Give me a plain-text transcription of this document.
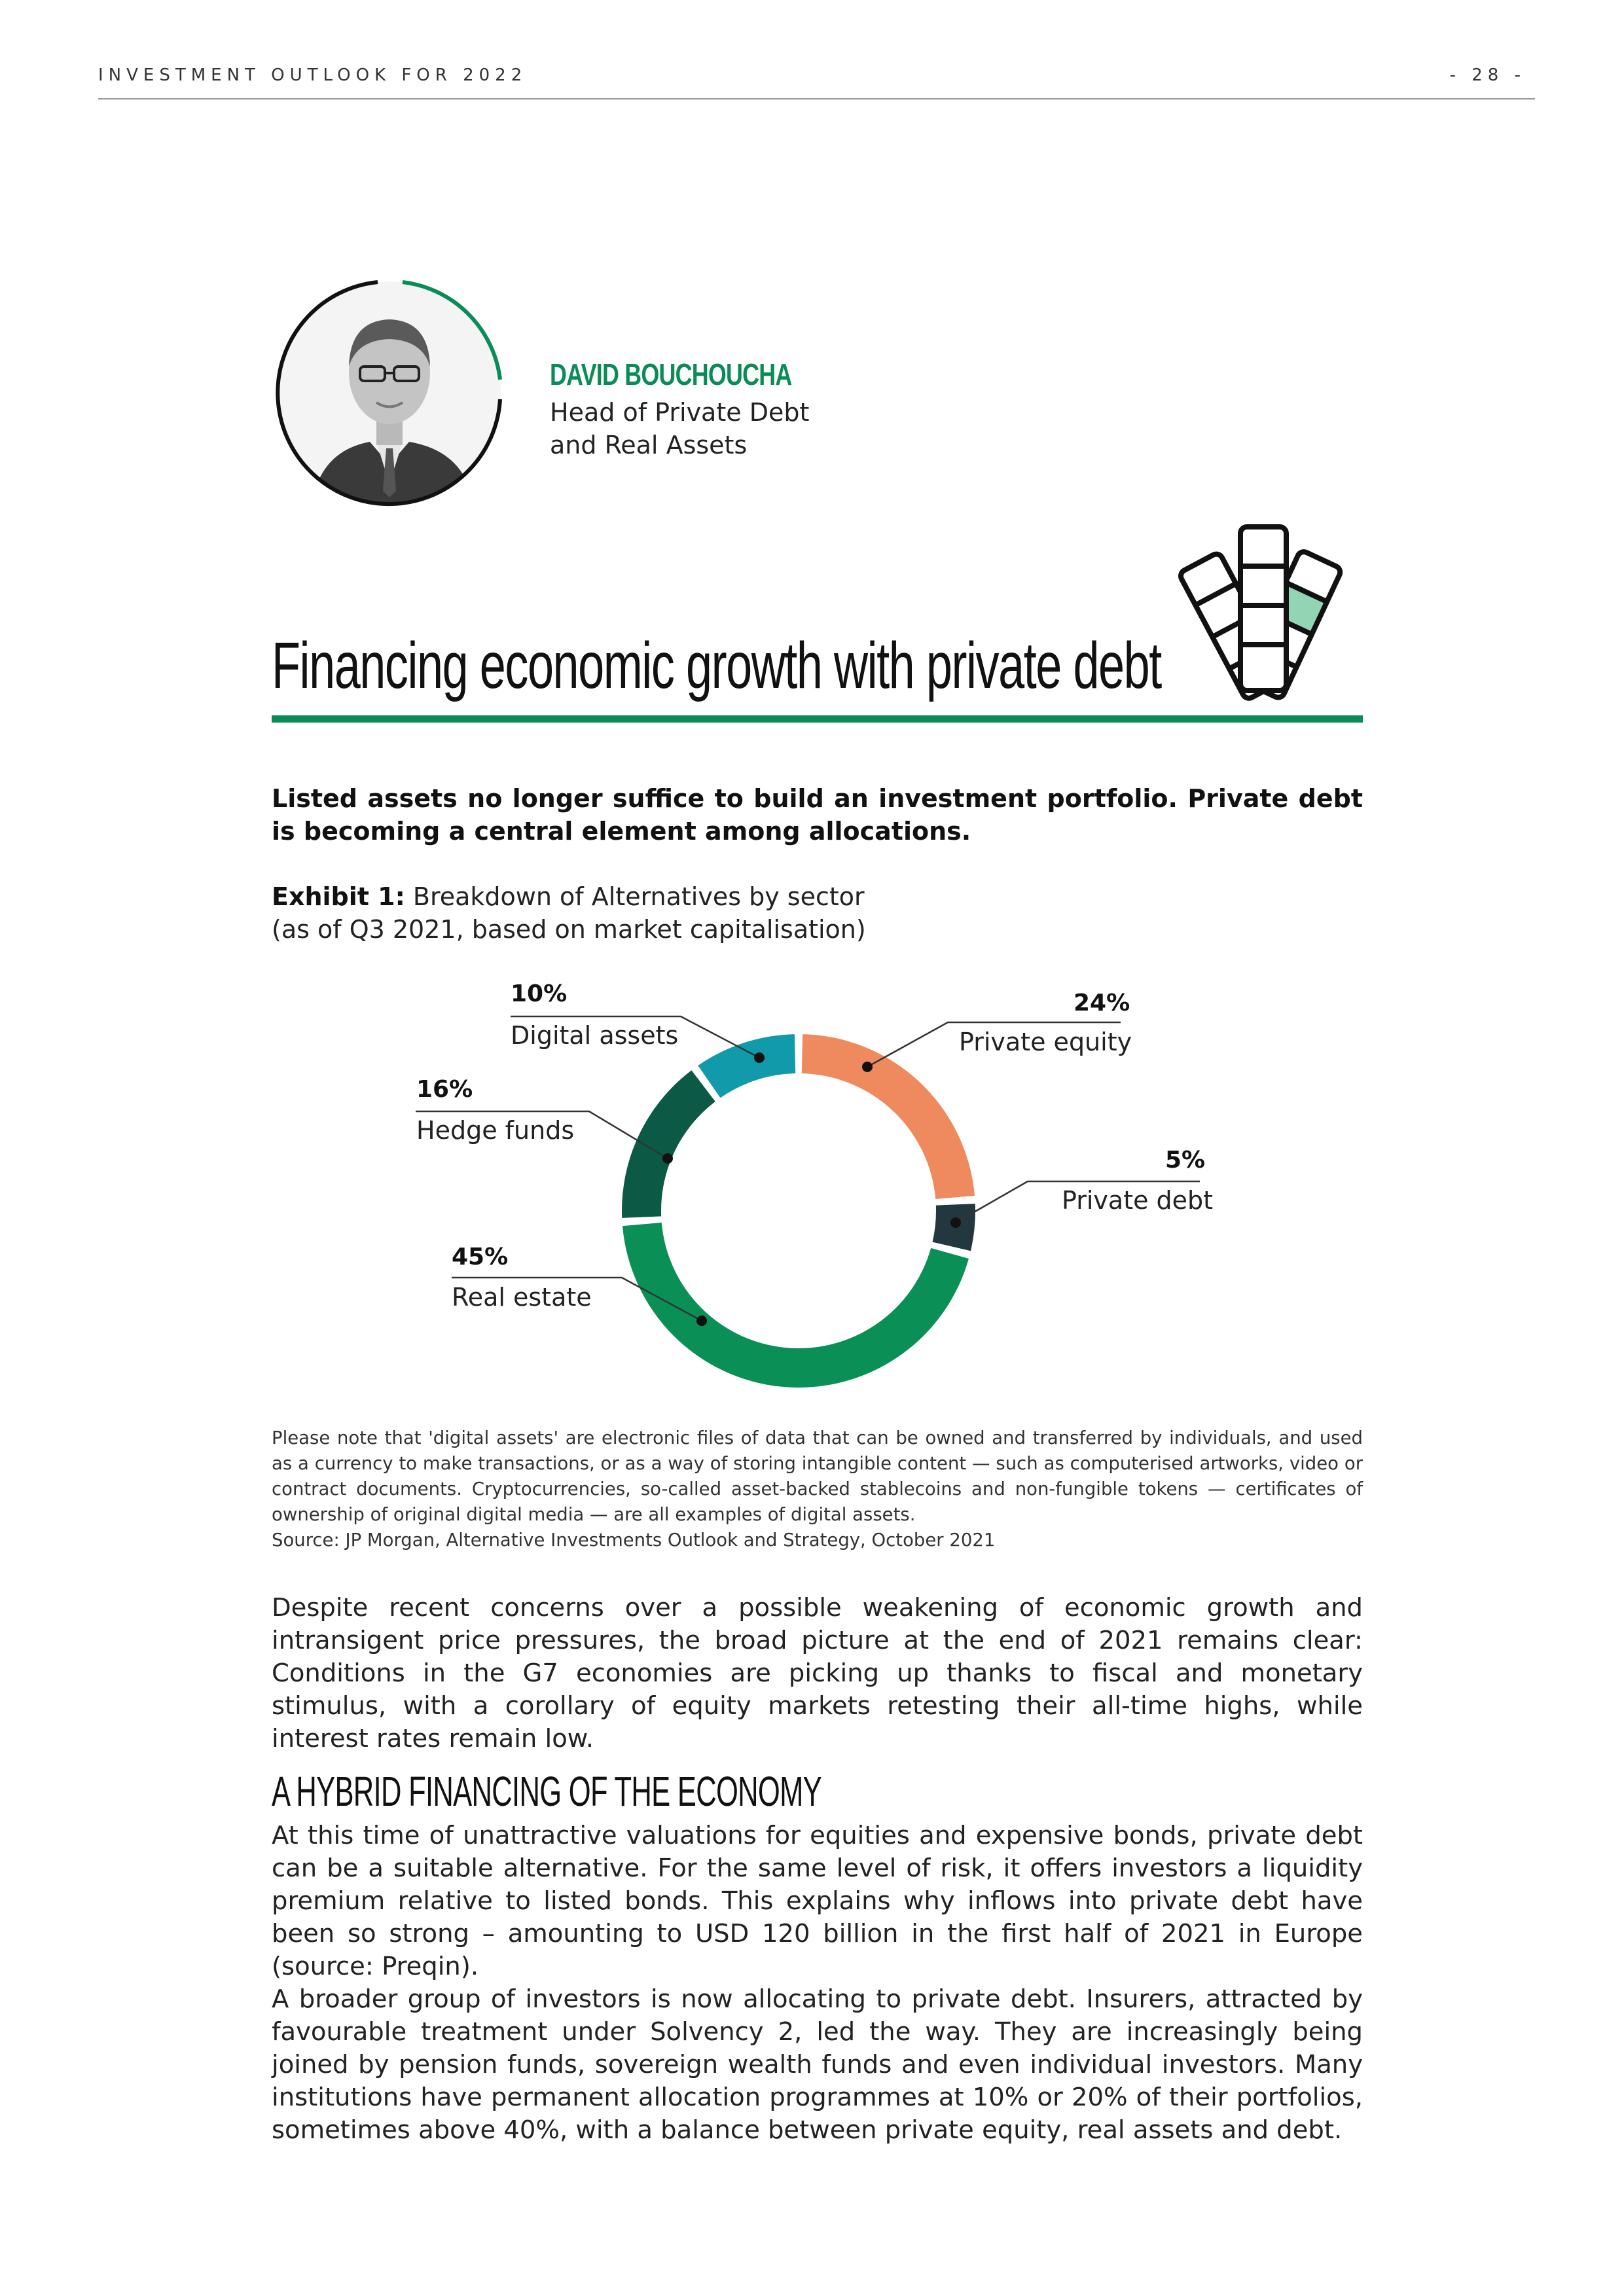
INVESTMENT OUTLOOK FOR 2022	- 28 -
DAVID BOUCHOUCHA
Head of Private Debt
and Real Assets
Financing economic growth with private debt
Listed assets no longer suffice to build an investment portfolio. Private debt is becoming a central element among allocations.
Exhibit 1: Breakdown of Alternatives by sector
(as of Q3 2021, based on market capitalisation)
24%
Private equity
5%
Private debt
45%
Real estate
16%
Hedge funds
10%
Digital assets
Please note that 'digital assets' are electronic files of data that can be owned and transferred by individuals, and used as a currency to make transactions, or as a way of storing intangible content — such as computerised artworks, video or contract documents. Cryptocurrencies, so-called asset-backed stablecoins and non-fungible tokens — certificates of ownership of original digital media — are all examples of digital assets.
Source: JP Morgan, Alternative Investments Outlook and Strategy, October 2021
Despite recent concerns over a possible weakening of economic growth and intransigent price pressures, the broad picture at the end of 2021 remains clear: Conditions in the G7 economies are picking up thanks to fiscal and monetary stimulus, with a corollary of equity markets retesting their all-time highs, while interest rates remain low.
A HYBRID FINANCING OF THE ECONOMY
At this time of unattractive valuations for equities and expensive bonds, private debt can be a suitable alternative. For the same level of risk, it offers investors a liquidity premium relative to listed bonds. This explains why inflows into private debt have been so strong – amounting to USD 120 billion in the first half of 2021 in Europe (source: Preqin).
A broader group of investors is now allocating to private debt. Insurers, attracted by favourable treatment under Solvency 2, led the way. They are increasingly being joined by pension funds, sovereign wealth funds and even individual investors. Many institutions have permanent allocation programmes at 10% or 20% of their portfolios, sometimes above 40%, with a balance between private equity, real assets and debt.
